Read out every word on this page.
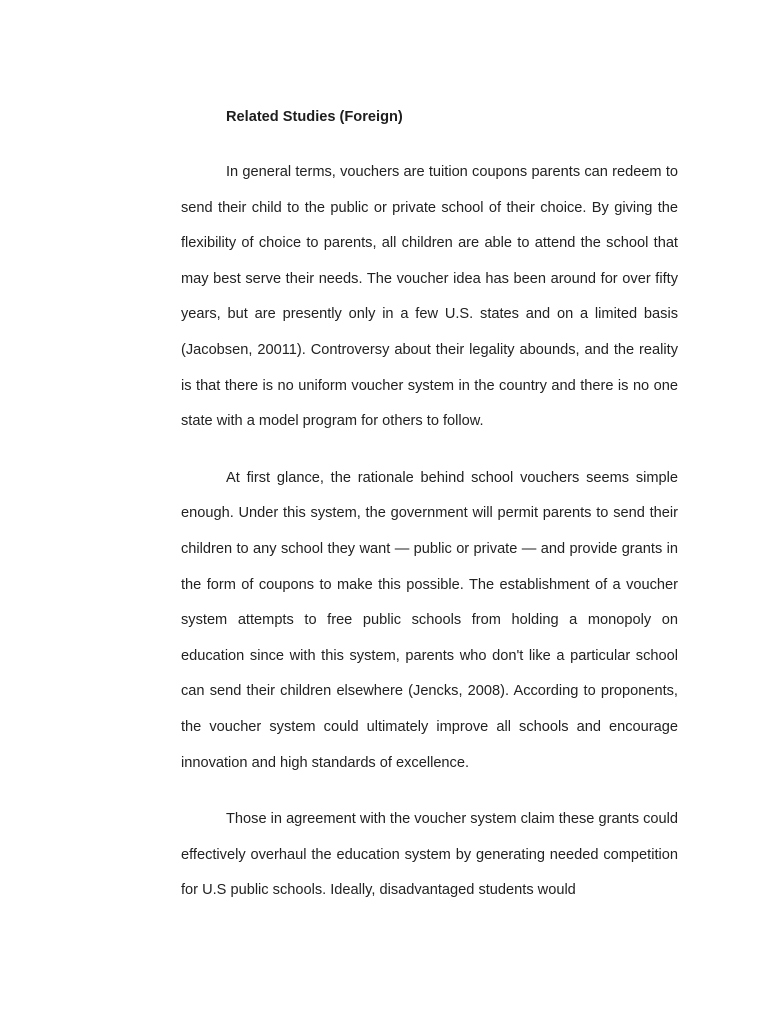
Related Studies (Foreign)

In general terms, vouchers are tuition coupons parents can redeem to send their child to the public or private school of their choice. By giving the flexibility of choice to parents, all children are able to attend the school that may best serve their needs. The voucher idea has been around for over fifty years, but are presently only in a few U.S. states and on a limited basis (Jacobsen, 20011). Controversy about their legality abounds, and the reality is that there is no uniform voucher system in the country and there is no one state with a model program for others to follow.

At first glance, the rationale behind school vouchers seems simple enough. Under this system, the government will permit parents to send their children to any school they want — public or private — and provide grants in the form of coupons to make this possible. The establishment of a voucher system attempts to free public schools from holding a monopoly on education since with this system, parents who don't like a particular school can send their children elsewhere (Jencks, 2008). According to proponents, the voucher system could ultimately improve all schools and encourage innovation and high standards of excellence.

Those in agreement with the voucher system claim these grants could effectively overhaul the education system by generating needed competition for U.S public schools. Ideally, disadvantaged students would
